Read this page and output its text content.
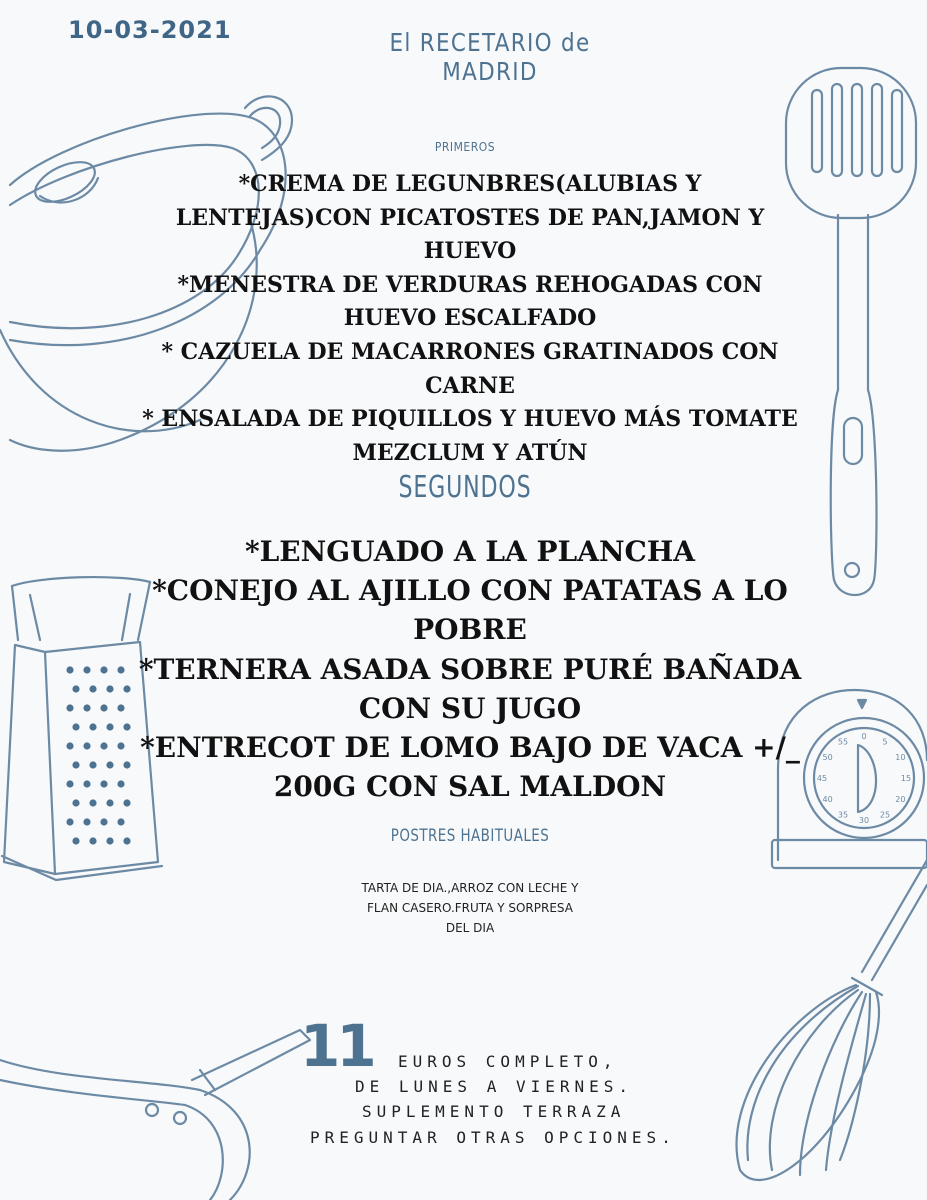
0
5
10
15
20
25
30
35
40
45
50
55
10-03-2021	El RECETARIO de MADRID
PRIMEROS
*CREMA DE LEGUNBRES(ALUBIAS Y
LENTEJAS)CON PICATOSTES DE PAN,JAMON Y
HUEVO
*MENESTRA DE VERDURAS REHOGADAS CON
HUEVO ESCALFADO
* CAZUELA DE MACARRONES GRATINADOS CON
CARNE
* ENSALADA DE PIQUILLOS Y HUEVO MÁS TOMATE
MEZCLUM Y ATÚN
SEGUNDOS
*LENGUADO A LA PLANCHA
*CONEJO AL AJILLO CON PATATAS A LO
POBRE
*TERNERA ASADA SOBRE PURÉ BAÑADA
CON SU JUGO
*ENTRECOT DE LOMO BAJO DE VACA +/_
200G CON SAL MALDON
POSTRES HABITUALES
TARTA DE DIA.,ARROZ CON LECHE Y
FLAN CASERO.FRUTA Y SORPRESA
DEL DIA
11 EUROS COMPLETO,
DE LUNES A VIERNES.
SUPLEMENTO TERRAZA
PREGUNTAR OTRAS OPCIONES.
